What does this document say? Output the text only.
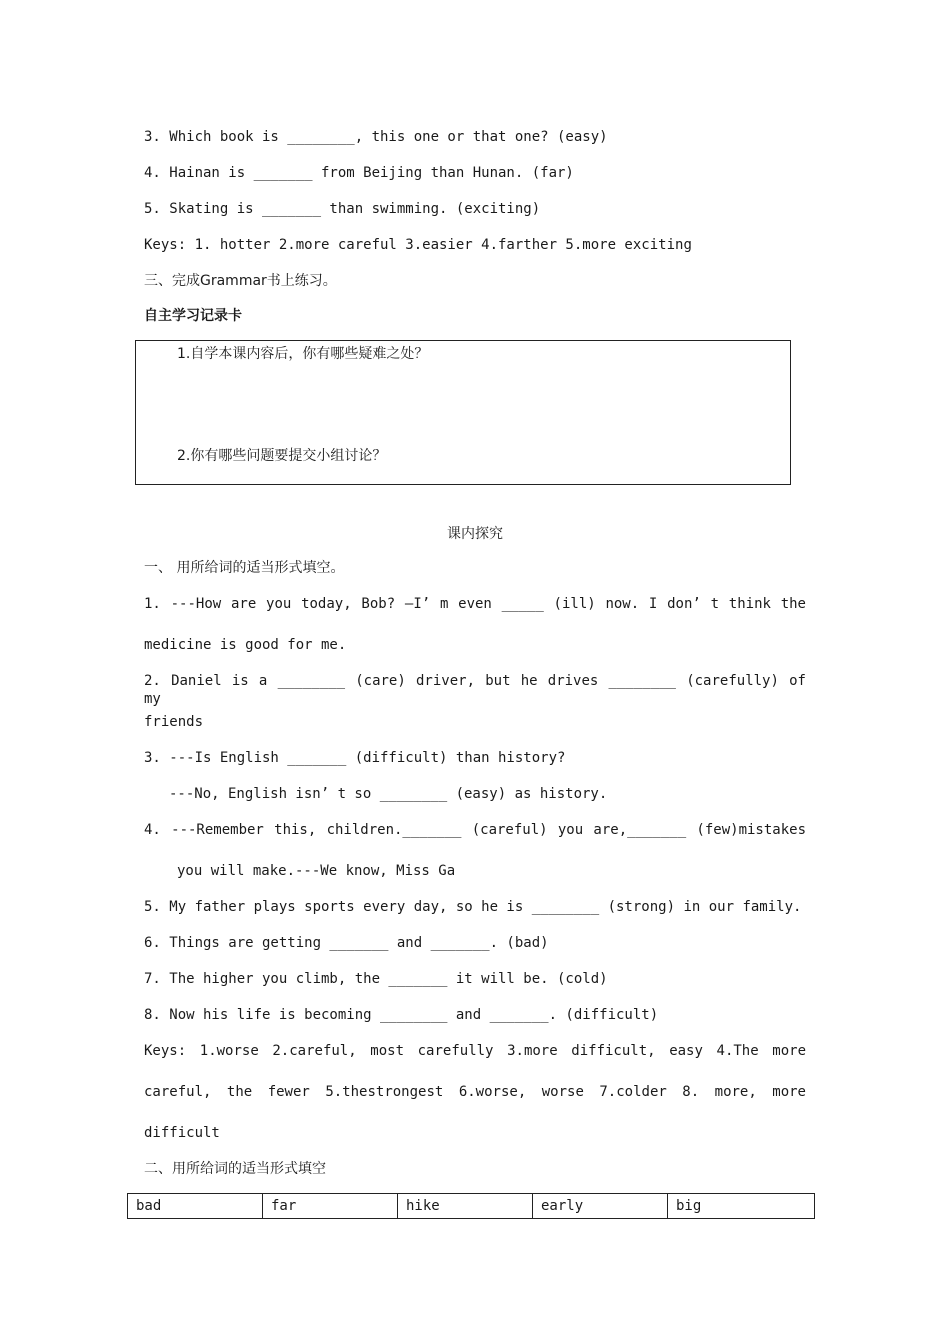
3. Which book is ________, this one or that one? (easy)
4. Hainan is _______ from Beijing than Hunan. (far)
5. Skating is _______ than swimming. (exciting)
Keys: 1. hotter 2.more careful 3.easier 4.farther 5.more exciting
三、完成Grammar书上练习。
自主学习记录卡
1.自学本课内容后，你有哪些疑难之处？
2.你有哪些问题要提交小组讨论？
课内探究
一、 用所给词的适当形式填空。
1. ---How are you today, Bob? —I’ m even _____ (ill) now. I don’ t think the
medicine is good for me.
2. Daniel is a ________ (care) driver, but he drives ________ (carefully) of my
friends
3. ---Is English _______ (difficult) than history?
---No, English isn’ t so ________ (easy) as history.
4. ---Remember this, children._______ (careful) you are,_______ (few)mistakes
you will make.---We know, Miss Ga
5. My father plays sports every day, so he is ________ (strong) in our family.
6. Things are getting _______ and _______. (bad)
7. The higher you climb, the _______ it will be. (cold)
8. Now his life is becoming ________ and _______. (difficult)
Keys: 1.worse 2.careful, most carefully 3.more difficult, easy 4.The more
careful, the fewer 5.thestrongest 6.worse, worse 7.colder 8. more, more
difficult
二、用所给词的适当形式填空
bad	far	hike	early	big
